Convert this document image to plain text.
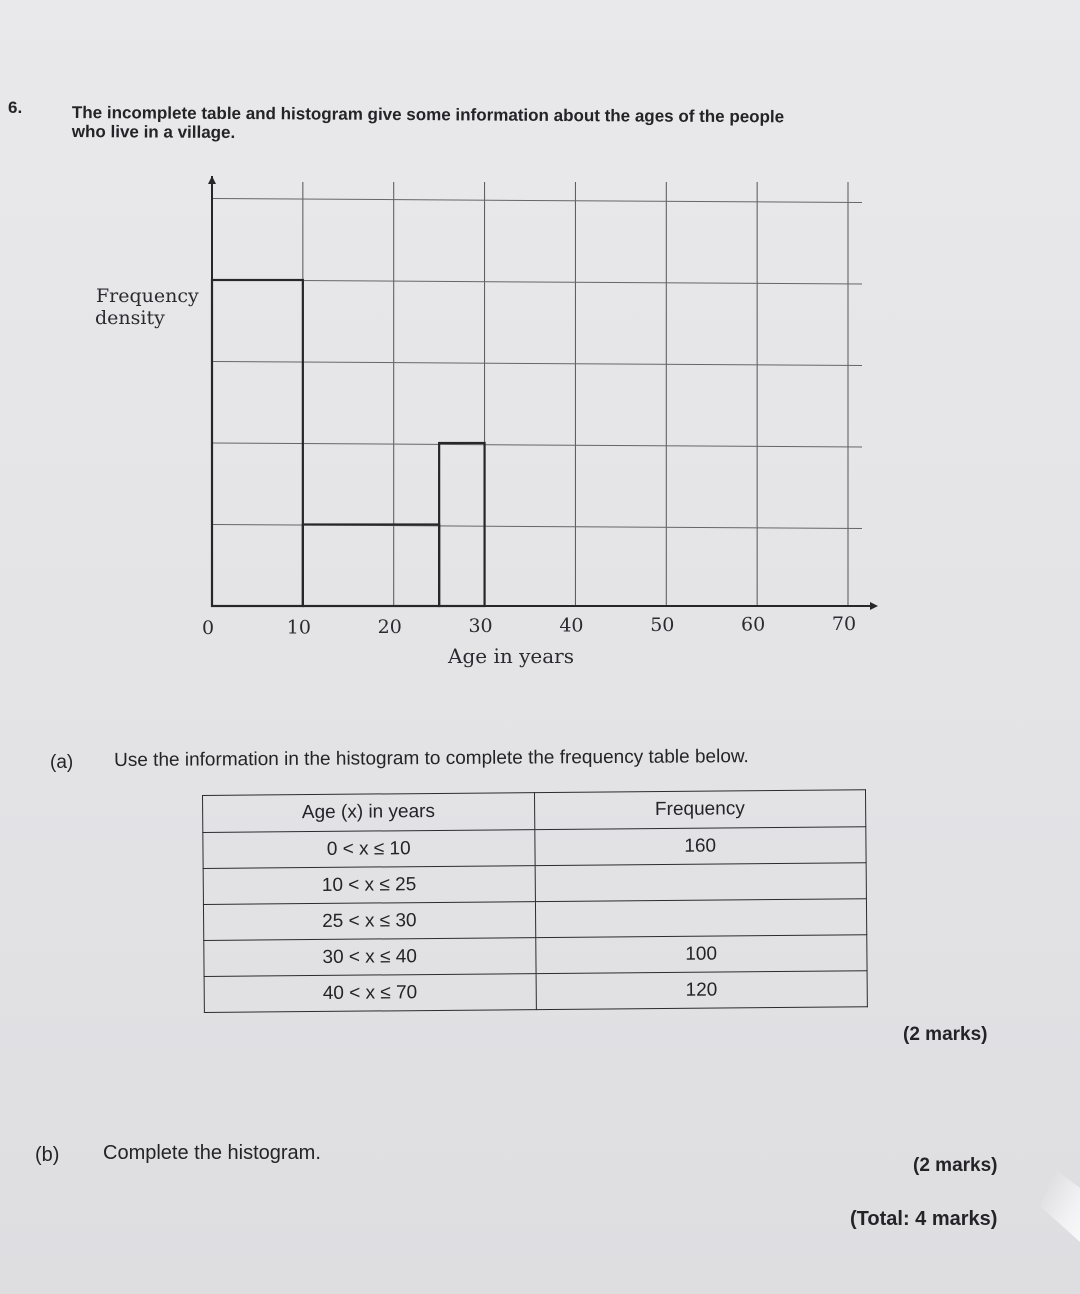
6.	The incomplete table and histogram give some information about the ages of the people
who live in a village.
0	10	20	30	40	50	60	70
Frequency
density
Age in years
(a) Use the information in the histogram to complete the frequency table below.
Age (x) in years	Frequency
0 < x ≤ 10	160
10 < x ≤ 25	
25 < x ≤ 30	
30 < x ≤ 40	100
40 < x ≤ 70	120
(2 marks)
(b) Complete the histogram.
(2 marks)
(Total: 4 marks)
